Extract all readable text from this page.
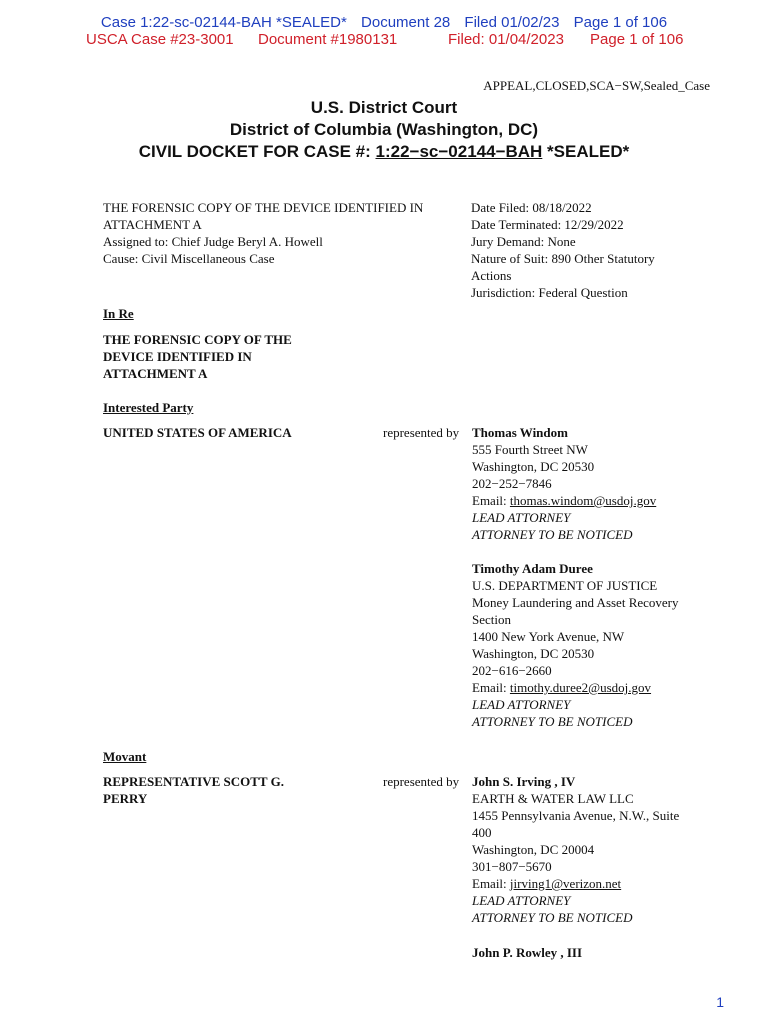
Case 1:22-sc-02144-BAH *SEALED* Document 28 Filed 01/02/23 Page 1 of 106
USCA Case #23-3001 Document #1980131	Filed: 01/04/2023 Page 1 of 106
APPEAL,CLOSED,SCA−SW,Sealed_Case
U.S. District Court
District of Columbia (Washington, DC)
CIVIL DOCKET FOR CASE #: 1:22−sc−02144−BAH *SEALED*
THE FORENSIC COPY OF THE DEVICE IDENTIFIED IN
ATTACHMENT A
Assigned to: Chief Judge Beryl A. Howell
Cause: Civil Miscellaneous Case
Date Filed: 08/18/2022
Date Terminated: 12/29/2022
Jury Demand: None
Nature of Suit: 890 Other Statutory
Actions
Jurisdiction: Federal Question
In Re
THE FORENSIC COPY OF THE
DEVICE IDENTIFIED IN
ATTACHMENT A
Interested Party
UNITED STATES OF AMERICA	represented by Thomas Windom
555 Fourth Street NW
Washington, DC 20530
202−252−7846
Email: thomas.windom@usdoj.gov
LEAD ATTORNEY
ATTORNEY TO BE NOTICED
Timothy Adam Duree
U.S. DEPARTMENT OF JUSTICE
Money Laundering and Asset Recovery
Section
1400 New York Avenue, NW
Washington, DC 20530
202−616−2660
Email: timothy.duree2@usdoj.gov
LEAD ATTORNEY
ATTORNEY TO BE NOTICED
Movant
REPRESENTATIVE SCOTT G.
PERRY
represented by John S. Irving , IV
EARTH & WATER LAW LLC
1455 Pennsylvania Avenue, N.W., Suite
400
Washington, DC 20004
301−807−5670
Email: jirving1@verizon.net
LEAD ATTORNEY
ATTORNEY TO BE NOTICED
John P. Rowley , III
1
